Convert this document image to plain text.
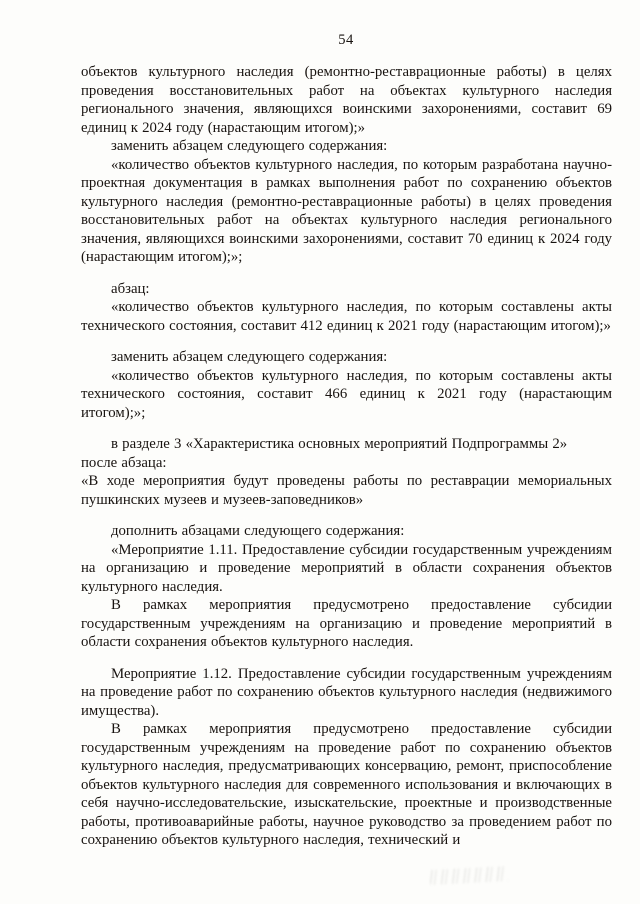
54

объектов культурного наследия (ремонтно-реставрационные работы) в целях проведения восстановительных работ на объектах культурного наследия регионального значения, являющихся воинскими захоронениями, составит 69 единиц к 2024 году (нарастающим итогом);»

заменить абзацем следующего содержания:

«количество объектов культурного наследия, по которым разработана научно-проектная документация в рамках выполнения работ по сохранению объектов культурного наследия (ремонтно-реставрационные работы) в целях проведения восстановительных работ на объектах культурного наследия регионального значения, являющихся воинскими захоронениями, составит 70 единиц к 2024 году (нарастающим итогом);»;

абзац:

«количество объектов культурного наследия, по которым составлены акты технического состояния, составит 412 единиц к 2021 году (нарастающим итогом);»

заменить абзацем следующего содержания:

«количество объектов культурного наследия, по которым составлены акты технического состояния, составит 466 единиц к 2021 году (нарастающим итогом);»;

в разделе 3 «Характеристика основных мероприятий Подпрограммы 2»

после абзаца:

«В ходе мероприятия будут проведены работы по реставрации мемориальных пушкинских музеев и музеев-заповедников»

дополнить абзацами следующего содержания:

«Мероприятие 1.11. Предоставление субсидии государственным учреждениям на организацию и проведение мероприятий в области сохранения объектов культурного наследия.

В рамках мероприятия предусмотрено предоставление субсидии государственным учреждениям на организацию и проведение мероприятий в области сохранения объектов культурного наследия.

Мероприятие 1.12. Предоставление субсидии государственным учреждениям на проведение работ по сохранению объектов культурного наследия (недвижимого имущества).

В рамках мероприятия предусмотрено предоставление субсидии государственным учреждениям на проведение работ по сохранению объектов культурного наследия, предусматривающих консервацию, ремонт, приспособление объектов культурного наследия для современного использования и включающих в себя научно-исследовательские, изыскательские, проектные и производственные работы, противоаварийные работы, научное руководство за проведением работ по сохранению объектов культурного наследия, технический и
